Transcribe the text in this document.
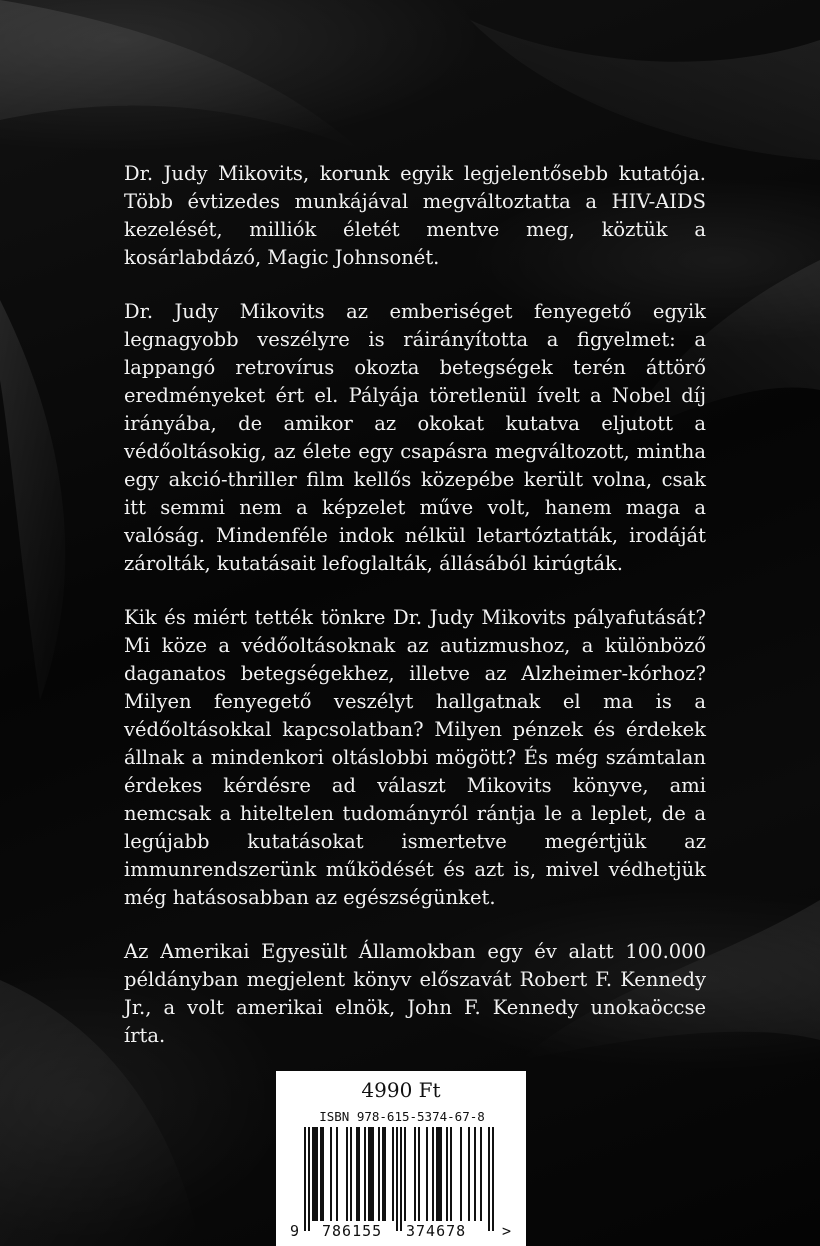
Dr. Judy Mikovits, korunk egyik legjelentősebb kutatója. Több évtizedes munkájával megváltoztatta a HIV-AIDS kezelését, milliók életét mentve meg, köztük a kosárlabdázó, Magic Johnsonét.

Dr. Judy Mikovits az emberiséget fenyegető egyik legnagyobb veszélyre is ráirányította a figyelmet: a lappangó retrovírus okozta betegségek terén áttörő eredményeket ért el. Pályája töretlenül ívelt a Nobel díj irányába, de amikor az okokat kutatva eljutott a védőoltásokig, az élete egy csapásra megváltozott, mintha egy akció-thriller film kellős közepébe került volna, csak itt semmi nem a képzelet műve volt, hanem maga a valóság. Mindenféle indok nélkül letartóztatták, irodáját zárolták, kutatásait lefoglalták, állásából kirúgták.

Kik és miért tették tönkre Dr. Judy Mikovits pályafutását? Mi köze a védőoltásoknak az autizmushoz, a különböző daganatos betegségekhez, illetve az Alzheimer-kórhoz? Milyen fenyegető veszélyt hallgatnak el ma is a védőoltásokkal kapcsolatban? Milyen pénzek és érdekek állnak a mindenkori oltáslobbi mögött? És még számtalan érdekes kérdésre ad választ Mikovits könyve, ami nemcsak a hiteltelen tudományról rántja le a leplet, de a legújabb kutatásokat ismertetve megértjük az immunrendszerünk működését és azt is, mivel védhetjük még hatásosabban az egészségünket.

Az Amerikai Egyesült Államokban egy év alatt 100.000 példányban megjelent könyv előszavát Robert F. Kennedy Jr., a volt amerikai elnök, John F. Kennedy unokaöccse írta.

4990 Ft
ISBN 978-615-5374-67-8
9 786155 374678 >
